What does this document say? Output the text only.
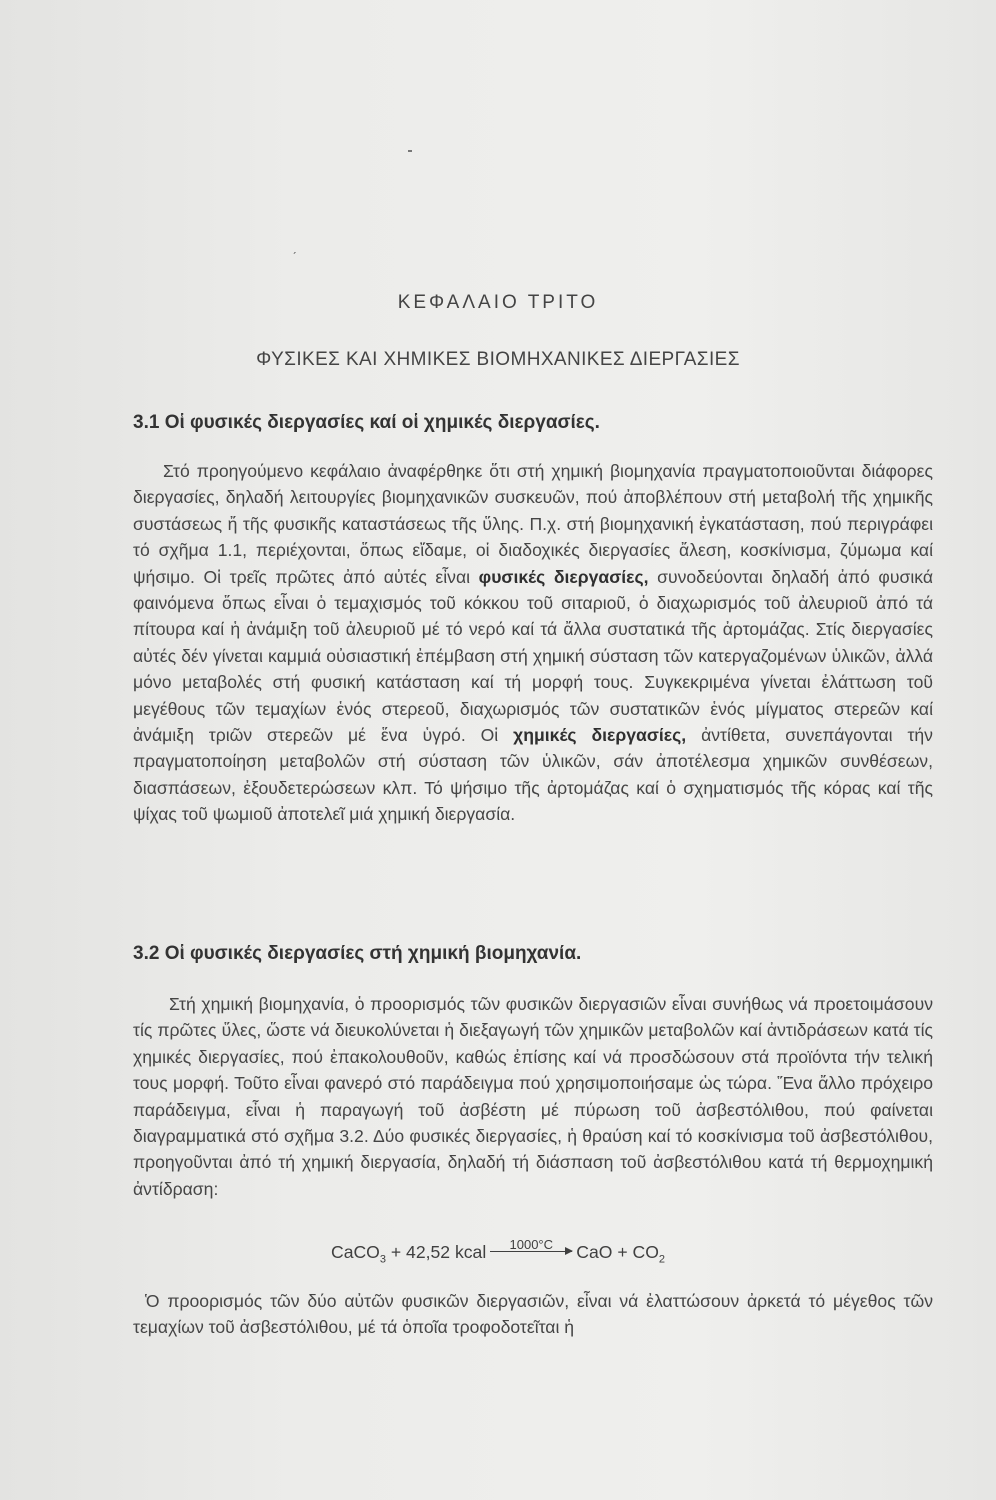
ˏ
ΚΕΦΑΛΑΙΟ ΤΡΙΤΟ
ΦΥΣΙΚΕΣ ΚΑΙ ΧΗΜΙΚΕΣ ΒΙΟΜΗΧΑΝΙΚΕΣ ΔΙΕΡΓΑΣΙΕΣ
3.1 Οἱ φυσικές διεργασίες καί οἱ χημικές διεργασίες.
Στό προηγούμενο κεφάλαιο ἀναφέρθηκε ὅτι στή χημική βιομηχανία πραγματοποιοῦνται διάφορες διεργασίες, δηλαδή λειτουργίες βιομηχανικῶν συσκευῶν, πού ἀποβλέπουν στή μεταβολή τῆς χημικῆς συστάσεως ἤ τῆς φυσικῆς καταστάσεως τῆς ὕλης. Π.χ. στή βιομηχανική ἐγκατάσταση, πού περιγράφει τό σχῆμα 1.1, περιέχονται, ὅπως εἴδαμε, οἱ διαδοχικές διεργασίες ἄλεση, κοσκίνισμα, ζύμωμα καί ψήσιμο. Οἱ τρεῖς πρῶτες ἀπό αὐτές εἶναι φυσικές διεργασίες, συνοδεύονται δηλαδή ἀπό φυσικά φαινόμενα ὅπως εἶναι ὁ τεμαχισμός τοῦ κόκκου τοῦ σιταριοῦ, ὁ διαχωρισμός τοῦ ἀλευριοῦ ἀπό τά πίτουρα καί ἡ ἀνάμιξη τοῦ ἀλευριοῦ μέ τό νερό καί τά ἄλλα συστατικά τῆς ἀρτομάζας. Στίς διεργασίες αὐτές δέν γίνεται καμμιά οὐσιαστική ἐπέμβαση στή χημική σύσταση τῶν κατεργαζομένων ὑλικῶν, ἀλλά μόνο μεταβολές στή φυσική κατάσταση καί τή μορφή τους. Συγκεκριμένα γίνεται ἐλάττωση τοῦ μεγέθους τῶν τεμαχίων ἑνός στερεοῦ, διαχωρισμός τῶν συστατικῶν ἑνός μίγματος στερεῶν καί ἀνάμιξη τριῶν στερεῶν μέ ἕνα ὑγρό. Οἱ χημικές διεργασίες, ἀντίθετα, συνεπάγονται τήν πραγματοποίηση μεταβολῶν στή σύσταση τῶν ὑλικῶν, σάν ἀποτέλεσμα χημικῶν συνθέσεων, διασπάσεων, ἐξουδετερώσεων κλπ. Τό ψήσιμο τῆς ἀρτομάζας καί ὁ σχηματισμός τῆς κόρας καί τῆς ψίχας τοῦ ψωμιοῦ ἀποτελεῖ μιά χημική διεργασία.
3.2 Οἱ φυσικές διεργασίες στή χημική βιομηχανία.
Στή χημική βιομηχανία, ὁ προορισμός τῶν φυσικῶν διεργασιῶν εἶναι συνήθως νά προετοιμάσουν τίς πρῶτες ὕλες, ὥστε νά διευκολύνεται ἡ διεξαγωγή τῶν χημικῶν μεταβολῶν καί ἀντιδράσεων κατά τίς χημικές διεργασίες, πού ἐπακολουθοῦν, καθώς ἐπίσης καί νά προσδώσουν στά προϊόντα τήν τελική τους μορφή. Τοῦτο εἶναι φανερό στό παράδειγμα πού χρησιμοποιήσαμε ὡς τώρα. Ἕνα ἄλλο πρόχειρο παράδειγμα, εἶναι ἡ παραγωγή τοῦ ἀσβέστη μέ πύρωση τοῦ ἀσβεστόλιθου, πού φαίνεται διαγραμματικά στό σχῆμα 3.2. Δύο φυσικές διεργασίες, ἡ θραύση καί τό κοσκίνισμα τοῦ ἀσβεστόλιθου, προηγοῦνται ἀπό τή χημική διεργασία, δηλαδή τή διάσπαση τοῦ ἀσβεστόλιθου κατά τή θερμοχημική ἀντίδραση:
CaCO$_3$ + 42,52 kcal	1000°C	CaO + $CO_2$
Ὁ προορισμός τῶν δύο αὐτῶν φυσικῶν διεργασιῶν, εἶναι νά ἐλαττώσουν ἀρκετά τό μέγεθος τῶν τεμαχίων τοῦ ἀσβεστόλιθου, μέ τά ὁποῖα τροφοδοτεῖται ἡ
